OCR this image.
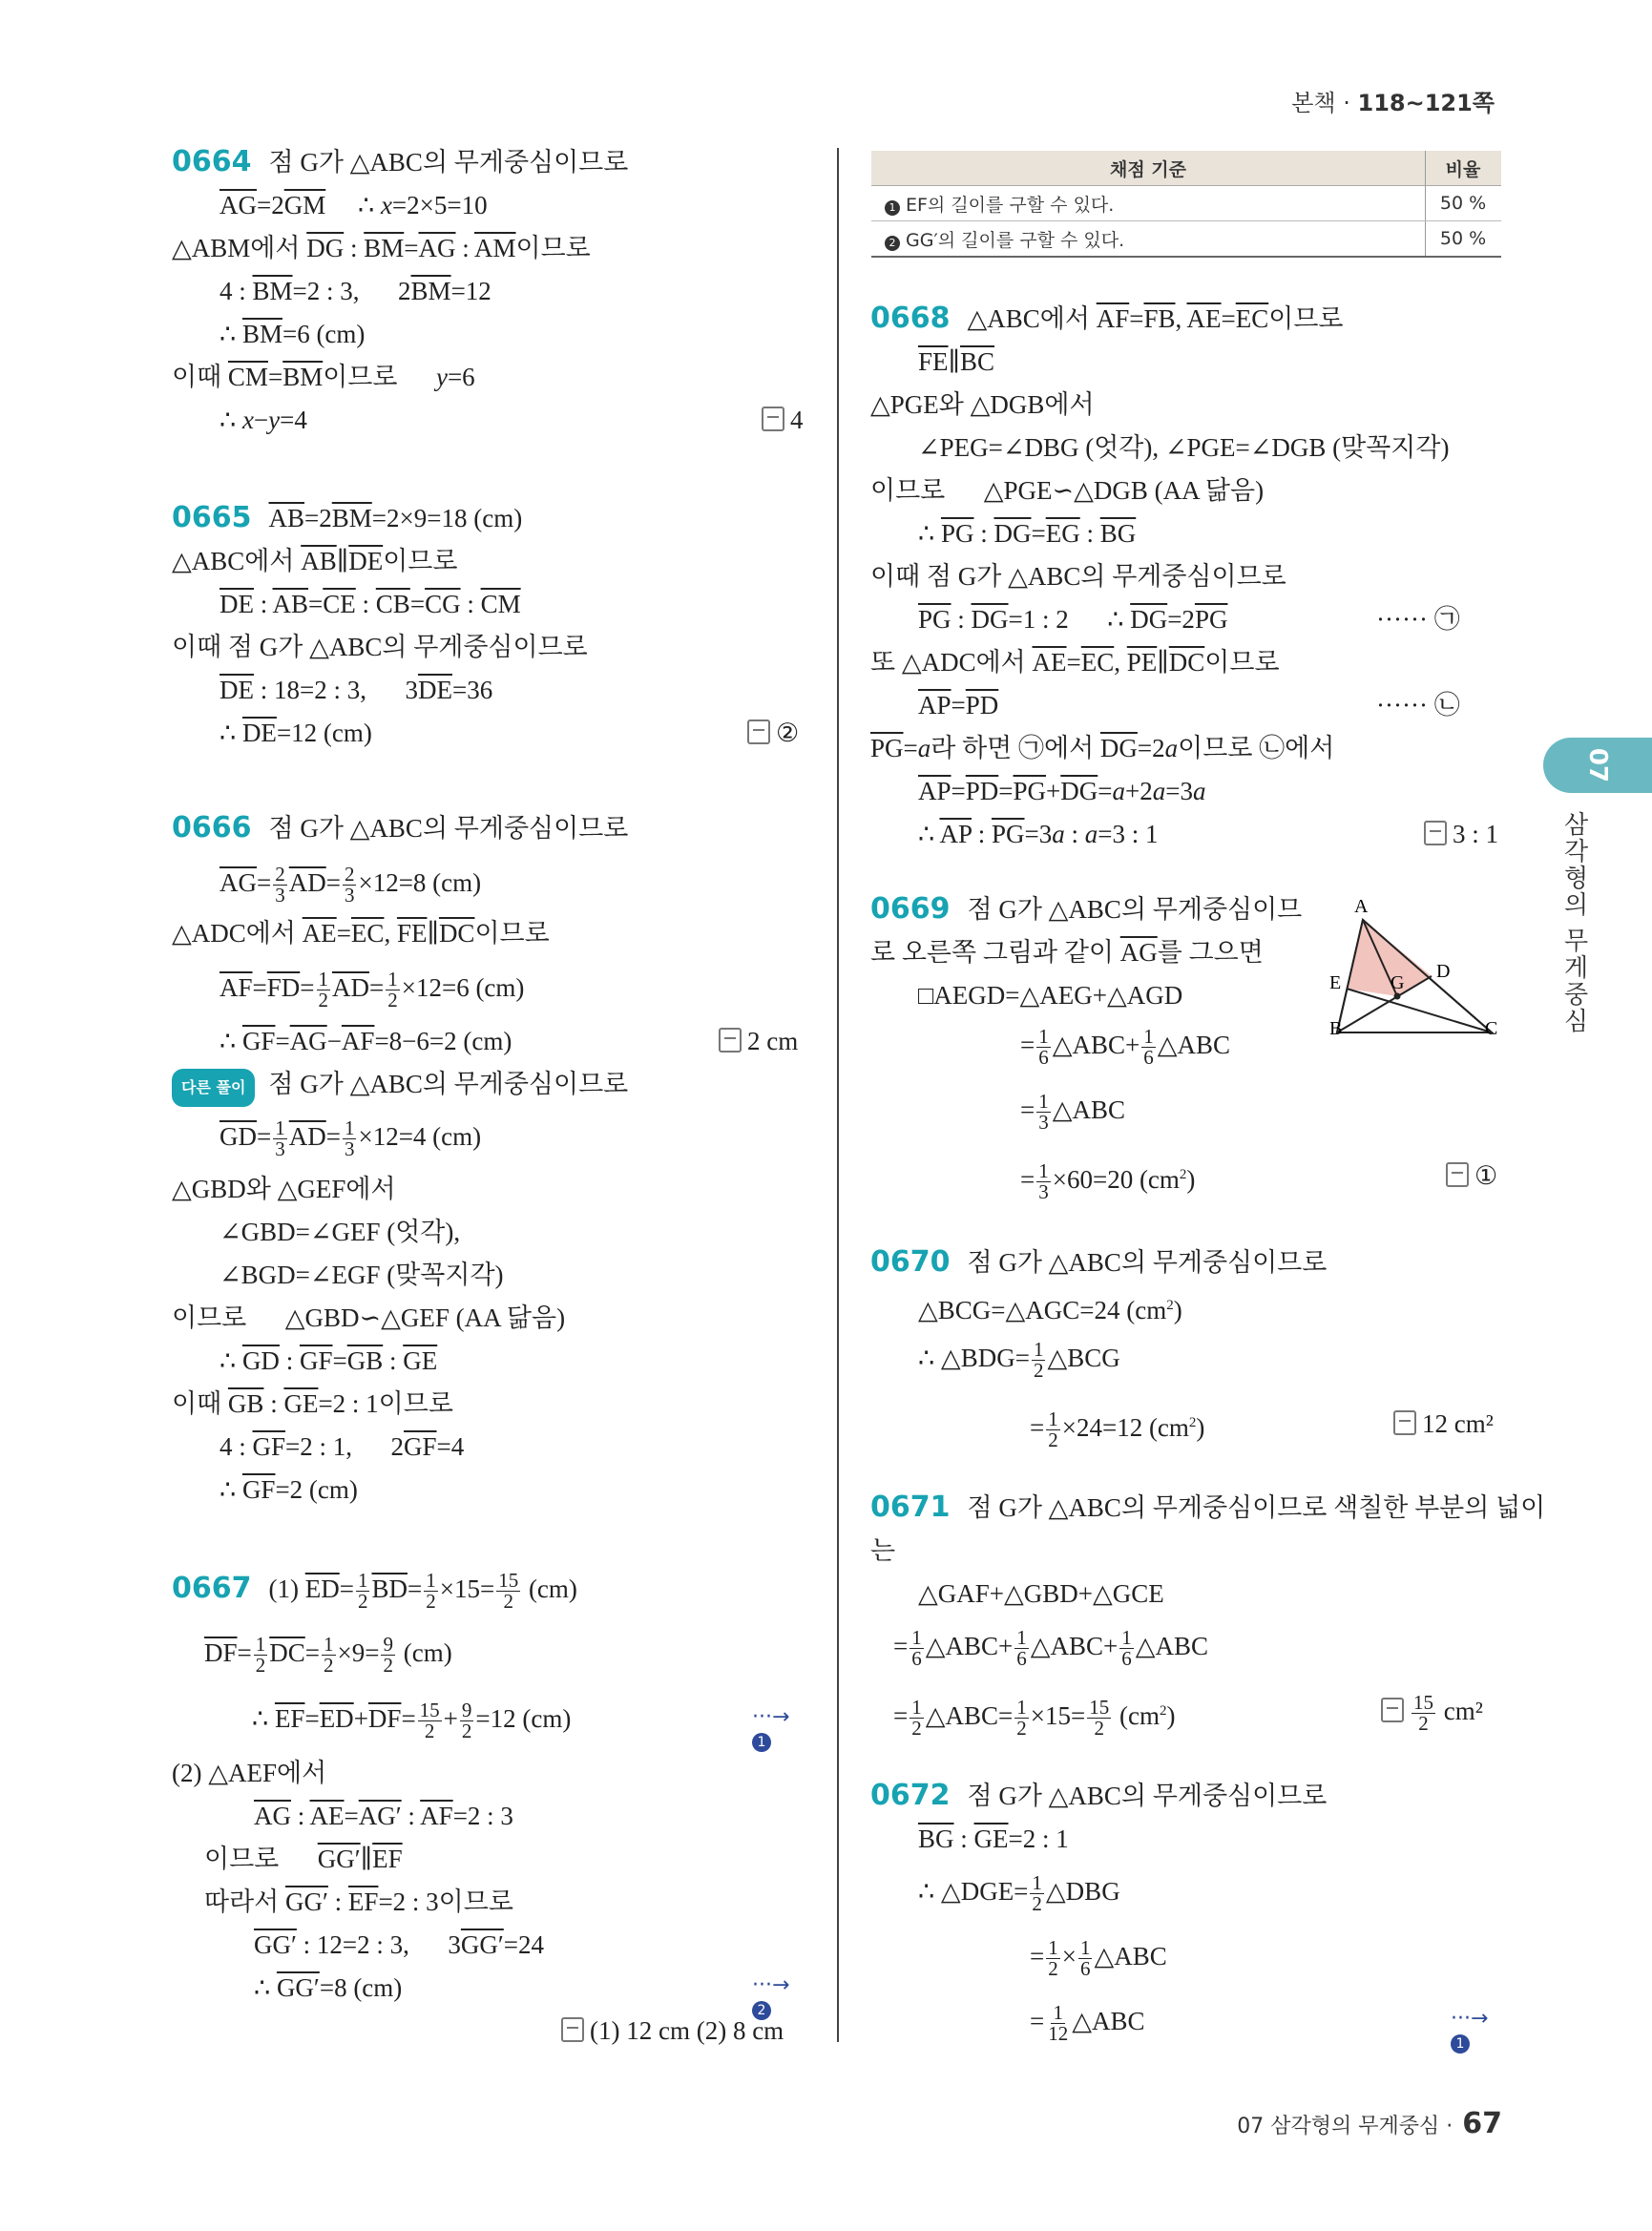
본책 · 118~121쪽
0664 점 G가 △ABC의 무게중심이므로
$\overline{AG}=2\overline{GM}$     ∴ x=2×5=10
△ABM에서 $\overline{DG}$ : $\overline{BM}=\overline{AG}$ : $\overline{AM}$이므로
4 : $\overline{BM}=2$ : 3,      $2\overline{BM}=12$
∴ $\overline{BM}=6$ (cm)
이때 $\overline{CM}=\overline{BM}$이므로      y=6
∴ x−y=4	4
0665 $\overline{AB}=2\overline{BM}=2\times 9=18$ (cm)
△ABC에서 $\overline{AB}\parallel\overline{DE}$이므로
$\overline{DE}$ : $\overline{AB}=\overline{CE}$ : $\overline{CB}=\overline{CG}$ : $\overline{CM}$
이때 점 G가 △ABC의 무게중심이므로
$\overline{DE}$ : 18=2 : 3,      $3\overline{DE}=36$
∴ $\overline{DE}=12$ (cm)	②
0666 점 G가 △ABC의 무게중심이므로
$\overline{AG}= \frac{2}{3} \overline{AD}= \frac{2}{3} \times 12=8$ (cm)
△ADC에서 $\overline{AE}=\overline{EC}$, $\overline{FE}\parallel\overline{DC}$이므로
$\overline{AF}=\overline{FD}= \frac{1}{2} \overline{AD}= \frac{1}{2} \times 12=6$ (cm)
∴ $\overline{GF}=\overline{AG}-\overline{AF}=8-6=2$ (cm)	2 cm
다른 풀이 점 G가 △ABC의 무게중심이므로
$\overline{GD}= \frac{1}{3} \overline{AD}= \frac{1}{3} \times 12=4$ (cm)
△GBD와 △GEF에서
∠GBD=∠GEF (엇각),
∠BGD=∠EGF (맞꼭지각)
이므로      △GBD∽△GEF (AA 닮음)
∴ $\overline{GD}$ : $\overline{GF}=\overline{GB}$ : $\overline{GE}$
이때 $\overline{GB}$ : $\overline{GE}=2$ : 1이므로
4 : $\overline{GF}=2$ : 1,      $2\overline{GF}=4$
∴ $\overline{GF}=2$ (cm)
0667 (1) $\overline{ED}= \frac{1}{2} \overline{BD}= \frac{1}{2} \times 15= \frac{15}{2} (cm)$
$\overline{DF}= \frac{1}{2} \overline{DC}= \frac{1}{2} \times 9= \frac{9}{2} (cm)$
∴ $\overline{EF}=\overline{ED}+\overline{DF}= \frac{15}{2} + \frac{9}{2} =12$ (cm)	···→ 1
(2) △AEF에서
$\overline{AG}$ : $\overline{AE}=AG'$ : $\overline{AF}=2$ : 3
이므로      $GG'\parallel\overline{EF}$
따라서 GG′ : $\overline{EF}=2$ : 3이므로
GG′ : 12=2 : 3,      3GG′=24
∴ GG′=8 (cm)	···→ 2
(1) 12 cm (2) 8 cm
채점 기준	비율
1 EF의 길이를 구할 수 있다.	50 %
2 GG′의 길이를 구할 수 있다.	50 %
0668 △ABC에서 $\overline{AF}=\overline{FB}$, $\overline{AE}=\overline{EC}$이므로
$\overline{FE}\parallel\overline{BC}$
△PGE와 △DGB에서
∠PEG=∠DBG (엇각), ∠PGE=∠DGB (맞꼭지각)
이므로      △PGE∽△DGB (AA 닮음)
∴ $\overline{PG}$ : $\overline{DG}=\overline{EG}$ : $\overline{BG}$
이때 점 G가 △ABC의 무게중심이므로
$\overline{PG}$ : $\overline{DG}=1$ : 2      ∴ $\overline{DG}=2\overline{PG}$	······ ㉠
또 △ADC에서 $\overline{AE}=\overline{EC}$, $\overline{PE}\parallel\overline{DC}$이므로
$\overline{AP}=\overline{PD}$	······ ㉡
$\overline{PG}=a$라 하면 ㉠에서 $\overline{DG}=2a$이므로 ㉡에서
$\overline{AP}=\overline{PD}=\overline{PG}+\overline{DG}=a+2a=3a$
∴ $\overline{AP}$ : $\overline{PG}=3a$ : a=3 : 1	3 : 1
0669 점 G가 △ABC의 무게중심이므
로 오른쪽 그림과 같이 $\overline{AG}$를 그으면
□AEGD=△AEG+△AGD
= $\frac{1}{6}$ △ABC+ $\frac{1}{6}$ △ABC
= $\frac{1}{3}$ △ABC
= $\frac{1}{3} \times 60=20$ $(cm^2)$	①
0670 점 G가 △ABC의 무게중심이므로
△BCG=△AGC=24 $(cm^2)$
∴ △BDG= $\frac{1}{2}$ △BCG
= $\frac{1}{2} \times 24=12$ $(cm^2)$	12 cm²
0671 점 G가 △ABC의 무게중심이므로 색칠한 부분의 넓이
는
△GAF+△GBD+△GCE
= $\frac{1}{6}$ △ABC+ $\frac{1}{6}$ △ABC+ $\frac{1}{6}$ △ABC
= $\frac{1}{2}$ △ABC= $\frac{1}{2} \times 15= \frac{15}{2} (cm^2)$	$\frac{15}{2} cm^2$
0672 점 G가 △ABC의 무게중심이므로
$\overline{BG}$ : $\overline{GE}=2$ : 1
∴ △DGE= $\frac{1}{2}$ △DBG
= $\frac{1}{2} \times \frac{1}{6}$ △ABC
= $\frac{1}{12}$ △ABC	···→ 1
A
E	G
D
B	C
07
삼각형의 무게중심
07 삼각형의 무게중심 · 67
